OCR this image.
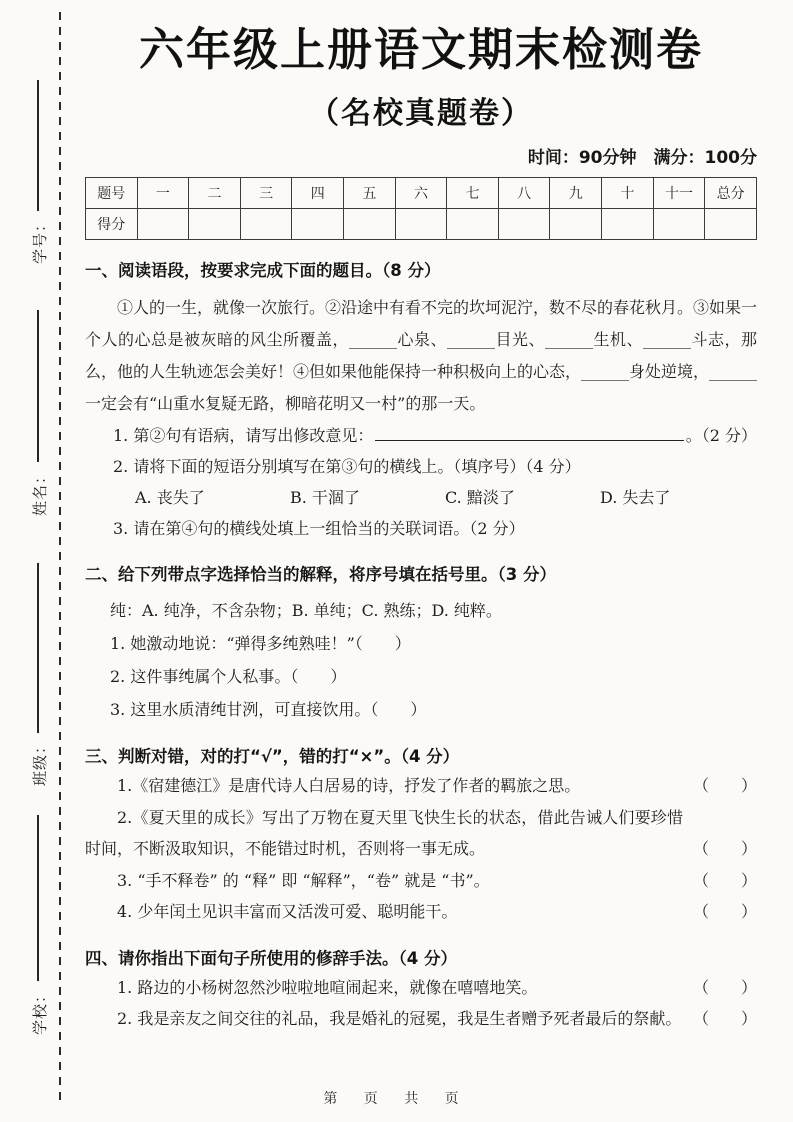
学号：
姓名：
班级：
学校：
六年级上册语文期末检测卷
（名校真题卷）
时间：90分钟　满分：100分
题号	一	二	三	四	五	六	七	八	九	十	十一	总分
得分												
一、阅读语段，按要求完成下面的题目。（8 分）

①人的一生，就像一次旅行。②沿途中有看不完的坎坷泥泞，数不尽的春花秋月。③如果一个人的心总是被灰暗的风尘所覆盖，______心泉、______目光、______生机、______斗志，那么，他的人生轨迹怎会美好！④但如果他能保持一种积极向上的心态，______身处逆境，______一定会有“山重水复疑无路，柳暗花明又一村”的那一天。

1. 第②句有语病，请写出修改意见：	。（2 分）

2. 请将下面的短语分别填写在第③句的横线上。（填序号）（4 分）

A. 丧失了	B. 干涸了	C. 黯淡了	D. 失去了

3. 请在第④句的横线处填上一组恰当的关联词语。（2 分）

二、给下列带点字选择恰当的解释，将序号填在括号里。（3 分）

纯：A. 纯净，不含杂物；B. 单纯；C. 熟练；D. 纯粹。

1. 她激动地说：“弹得多纯 •熟哇！”（　　）

2. 这件事纯 •属个人私事。（　　）

3. 这里水质清纯 •甘洌，可直接饮用。（　　）

三、判断对错，对的打“√”，错的打“×”。（4 分）
1.《宿建德江》是唐代诗人白居易的诗，抒发了作者的羁旅之思。	（　　）
2.《夏天里的成长》写出了万物在夏天里飞快生长的状态，借此告诫人们要珍惜时间，不断汲取知识，不能错过时机，否则将一事无成。	（　　）
3. “手不释卷” 的 “释” 即 “解释”，“卷” 就是 “书”。	（　　）
4. 少年闰土见识丰富而又活泼可爱、聪明能干。	（　　）
四、请你指出下面句子所使用的修辞手法。（4 分）
1. 路边的小杨树忽然沙啦啦地喧闹起来，就像在嘻嘻地笑。	（　　）
2. 我是亲友之间交往的礼品，我是婚礼的冠冕，我是生者赠予死者最后的祭献。 （　　）
第 页 共 页
